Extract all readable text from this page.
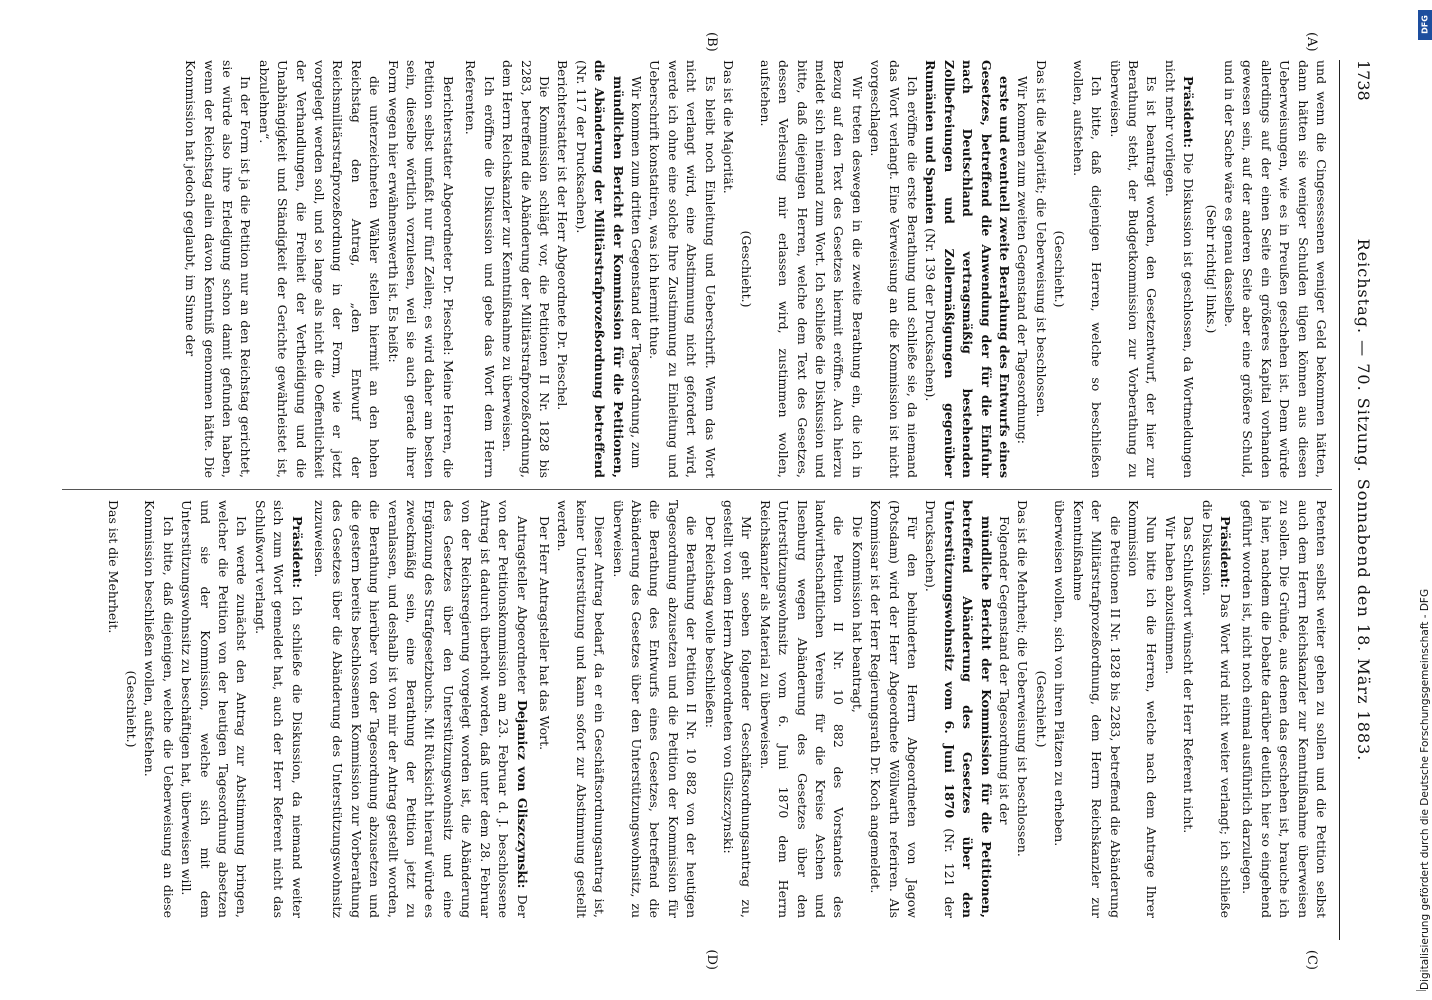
1738
Reichstag. — 70. Sitzung. Sonnabend den 18. März 1883.

und wenn die Cingesessenen weniger Geld bekommen hätten, dann hätten sie weniger Schulden tilgen können aus diesen Ueberweisungen, wie es in Preußen geschehen ist. Denn würde allerdings auf der einen Seite ein größeres Kapital vorhanden gewesen sein, auf der anderen Seite aber eine größere Schuld, und in der Sache wäre es genau dasselbe.

(Sehr richtig! links.)

Präsident: Die Diskussion ist geschlossen, da Wortmeldungen nicht mehr vorliegen.

Es ist beantragt worden, den Gesetzentwurf, der hier zur Berathung steht, der Budgetkommission zur Vorberathung zu überweisen.

Ich bitte, daß diejenigen Herren, welche so beschließen wollen, aufstehen.

(Geschieht.)

Das ist die Majorität; die Ueberweisung ist beschlossen.

Wir kommen zum zweiten Gegenstand der Tagesordnung:

erste und eventuell zweite Berathung des Entwurfs eines Gesetzes, betreffend die Anwendung der für die Einfuhr nach Deutschland vertragsmäßig bestehenden Zollbefreiungen und Zollermäßigungen gegenüber Rumänien und Spanien (Nr. 139 der Drucksachen).

Ich eröffne die erste Berathung und schließe sie, da niemand das Wort verlangt. Eine Verweisung an die Kommission ist nicht vorgeschlagen.

Wir treten deswegen in die zweite Berathung ein, die ich in Bezug auf den Text des Gesetzes hiermit eröffne. Auch hierzu meldet sich niemand zum Wort. Ich schließe die Diskussion und bitte, daß diejenigen Herren, welche dem Text des Gesetzes, dessen Verlesung mir erlassen wird, zustimmen wollen, aufstehen.

(Geschieht.)

Das ist die Majorität.

Es bleibt noch Einleitung und Ueberschrift. Wenn das Wort nicht verlangt wird, eine Abstimmung nicht gefordert wird, werde ich ohne eine solche Ihre Zustimmung zu Einleitung und Ueberschrift konstatiren, was ich hiermit thue.

Wir kommen zum dritten Gegenstand der Tagesordnung, zum

mündlichen Bericht der Kommission für die Petitionen, die Abänderung der Militärstrafprozeßordnung betreffend (Nr. 117 der Drucksachen).

Berichterstatter ist der Herr Abgeordnete Dr. Pieschel.

Die Kommission schlägt vor, die Petitionen II Nr. 1828 bis 2283, betreffend die Abänderung der Militärstrafprozeßordnung, dem Herrn Reichskanzler zur Kenntnißnahme zu überweisen.

Ich eröffne die Diskussion und gebe das Wort dem Herrn Referenten.

Berichterstatter Abgeordneter Dr. Pieschel: Meine Herren, die Petition selbst umfaßt nur fünf Zeilen; es wird daher am besten sein, dieselbe wörtlich vorzulesen, weil sie auch gerade ihrer Form wegen hier erwähnenswerth ist. Es heißt:

die unterzeichneten Wähler stellen hiermit an den hohen Reichstag den Antrag, „den Entwurf der Reichsmilitärstrafprozeßordnung in der Form, wie er jetzt vorgelegt werden soll, und so lange als nicht die Oeffentlichkeit der Verhandlungen, die Freiheit der Vertheidigung und die Unabhängigkeit und Ständigkeit der Gerichte gewährleistet ist, abzulehnen“.

In der Form ist ja die Petition nur an den Reichstag gerichtet, sie würde also ihre Erledigung schon damit gefunden haben, wenn der Reichstag allein davon Kenntniß genommen hätte. Die Kommission hat jedoch geglaubt, im Sinne der

Petenten selbst weiter gehen zu sollen und die Petition selbst auch dem Herrn Reichskanzler zur Kenntnißnahme überweisen zu sollen. Die Gründe, aus denen das geschehen ist, brauche ich ja hier, nachdem die Debatte darüber deutlich hier so eingehend geführt worden ist, nicht noch einmal ausführlich darzulegen.

Präsident: Das Wort wird nicht weiter verlangt; ich schließe die Diskussion.

Das Schlußwort wünscht der Herr Referent nicht.

Wir haben abzustimmen.

Nun bitte ich die Herren, welche nach dem Antrage Ihrer Kommission

die Petitionen II Nr. 1828 bis 2283, betreffend die Abänderung der Militärstrafprozeßordnung, dem Herrn Reichskanzler zur Kenntnißnahme

überweisen wollen, sich von ihren Plätzen zu erheben.

(Geschieht.)

Das ist die Mehrheit; die Ueberweisung ist beschlossen.

Folgender Gegenstand der Tagesordnung ist der

mündliche Bericht der Kommission für die Petitionen, betreffend Abänderung des Gesetzes über den Unterstützungswohnsitz vom 6. Juni 1870 (Nr. 121 der Drucksachen).

Für den behinderten Herrn Abgeordneten von Jagow (Potsdam) wird der Herr Abgeordnete Wöllwarth referiren. Als Kommissar ist der Herr Regierungsrath Dr. Koch angemeldet.

Die Kommission hat beantragt,

die Petition II Nr. 10 882 des Vorstandes des landwirthschaftlichen Vereins für die Kreise Aschen und Ilsenburg wegen Abänderung des Gesetzes über den Unterstützungswohnsitz vom 6. Juni 1870 dem Herrn Reichskanzler als Material zu überweisen.

Mir geht soeben folgender Geschäftsordnungsantrag zu, gestellt von dem Herrn Abgeordneten von Gliszczynski:

Der Reichstag wolle beschließen:

die Berathung der Petition II Nr. 10 882 von der heutigen Tagesordnung abzusetzen und die Petition der Kommission für die Berathung des Entwurfs eines Gesetzes, betreffend die Abänderung des Gesetzes über den Unterstützungswohnsitz, zu überweisen.

Dieser Antrag bedarf, da er ein Geschäftsordnungsantrag ist, keiner Unterstützung und kann sofort zur Abstimmung gestellt werden.

Der Herr Antragsteller hat das Wort.

Antragsteller Abgeordneter Dejanicz von Gliszczynski: Der von der Petitionskommission am 23. Februar d. J. beschlossene Antrag ist dadurch überholt worden, daß unter dem 28. Februar von der Reichsregierung vorgelegt worden ist, die Abänderung des Gesetzes über den Unterstützungswohnsitz und eine Ergänzung des Strafgesetzbuchs. Mit Rücksicht hierauf würde es zweckmäßig sein, eine Berathung der Petition jetzt zu veranlassen, und deshalb ist von mir der Antrag gestellt worden, die Berathung hierüber von der Tagesordnung abzusetzen und die gestern bereits beschlossenen Kommission zur Vorberathung des Gesetzes über die Abänderung des Unterstützungswohnsitz zuzuweisen.

Präsident: Ich schließe die Diskussion, da niemand weiter sich zum Wort gemeldet hat, auch der Herr Referent nicht das Schlußwort verlangt.

Ich werde zunächst den Antrag zur Abstimmung bringen, welcher die Petition von der heutigen Tagesordnung absetzen und sie der Kommission, welche sich mit dem Unterstützungswohnsitz zu beschäftigen hat, überweisen will.

Ich bitte, daß diejenigen, welche die Ueberweisung an diese Kommission beschließen wollen, aufstehen.

(Geschieht.)

Das ist die Mehrheit.

(A)
(B)
(C)
(D)	Digitalisierung gefördert durch die Deutsche Forschungsgemeinschaft - DFG
DFG
